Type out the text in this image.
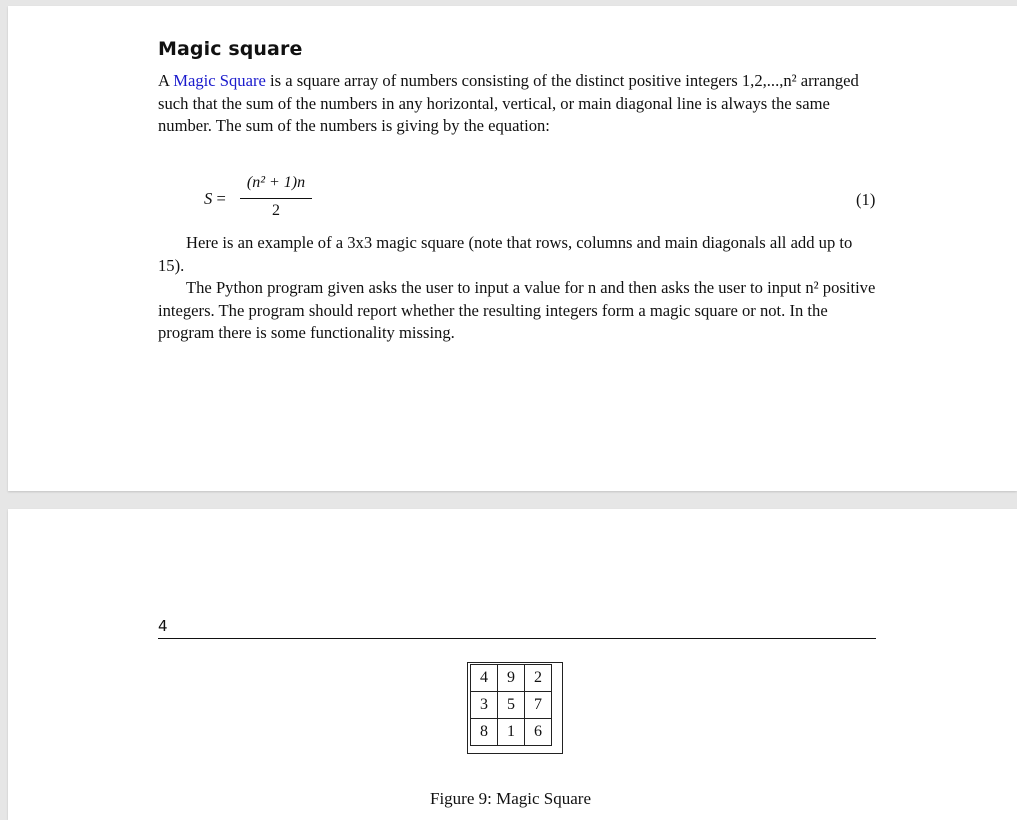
Magic square

A Magic Square is a square array of numbers consisting of the distinct positive integers 1,2,...,n² arranged such that the sum of the numbers in any horizontal, vertical, or main diagonal line is always the same number. The sum of the numbers is giving by the equation:

S =
(n² + 1)n
2
(1)

Here is an example of a 3x3 magic square (note that rows, columns and main diagonals all add up to 15).

The Python program given asks the user to input a value for n and then asks the user to input n² positive integers. The program should report whether the resulting integers form a magic square or not. In the program there is some functionality missing.

4
4	9	2
3	5	7
8	1	6
Figure 9: Magic Square
